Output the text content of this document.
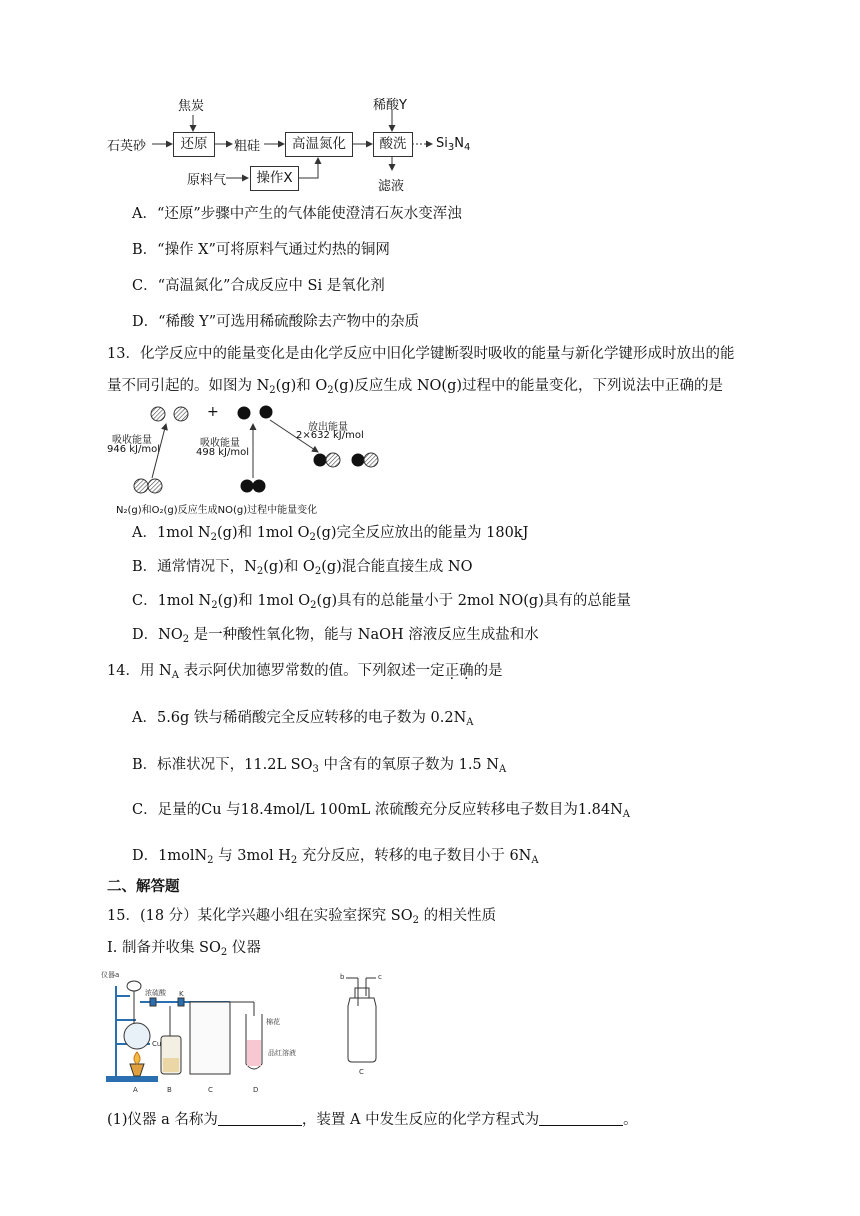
石英砂
焦炭
还原	粗硅	高温氮化
稀酸Y
酸洗	$Si_3N_4$
原料气	操作X
滤液
A．“还原”步骤中产生的气体能使澄清石灰水变浑浊
B．“操作 X”可将原料气通过灼热的铜网
C．“高温氮化”合成反应中 Si 是氧化剂
D．“稀酸 Y”可选用稀硫酸除去产物中的杂质
13．化学反应中的能量变化是由化学反应中旧化学键断裂时吸收的能量与新化学键形成时放出的能
量不同引起的。如图为 $N_2(g)$和 $O_2(g)$反应生成 NO(g)过程中的能量变化，下列说法中正确的是
+
吸收能量
946 kJ/mol
吸收能量
498 kJ/mol
放出能量
2×632 kJ/mol
N₂(g)和O₂(g)反应生成NO(g)过程中能量变化
A．1mol $N_2(g)$和 1mol $O_2(g)$完全反应放出的能量为 180kJ
B．通常情况下，$N_2(g)$和 $O_2(g)$混合能直接生成 NO
C．1mol $N_2(g)$和 1mol $O_2(g)$具有的总能量小于 2mol NO(g)具有的总能量
D．$NO_2$ 是一种酸性氧化物，能与 NaOH 溶液反应生成盐和水
14．用 $N_A$ 表示阿伏加德罗常数的值。下列叙述一定正确的是
A．5.6g 铁与稀硝酸完全反应转移的电子数为 $0.2N_A$
B．标准状况下，11.2L $SO_3$ 中含有的氧原子数为 1.5 $N_A$
C．足量的Cu 与18.4mol/L 100mL 浓硫酸充分反应转移电子数目为$1.84N_A$
D．1molN$_2$ 与 3mol $H_2$ 充分反应，转移的电子数目小于 $6N_A$
二、解答题
15．(18 分）某化学兴趣小组在实验室探究 $SO_2$ 的相关性质
I. 制备并收集 $SO_2$ 仪器
仪器a
浓硫酸 K
Cu
棉花
品红溶液
A	B	C	D
b	c
C
(1)仪器 a 名称为	，装置 A 中发生反应的化学方程式为	。
